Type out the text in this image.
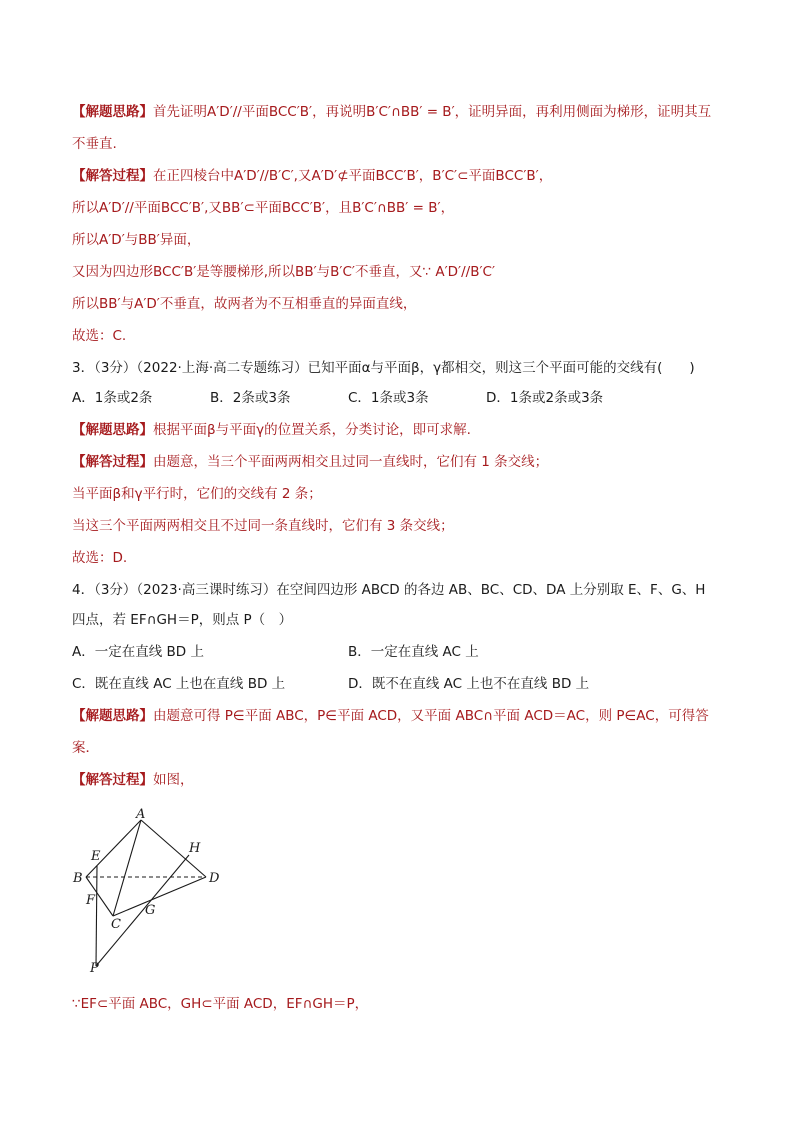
【解题思路】首先证明A′D′//平面BCC′B′，再说明B′C′∩BB′ = B′，证明异面，再利用侧面为梯形，证明其互
不垂直.
【解答过程】在正四棱台中A′D′//B′C′,又A′D′⊄平面BCC′B′，B′C′⊂平面BCC′B′，
所以A′D′//平面BCC′B′,又BB′⊂平面BCC′B′，且B′C′∩BB′ = B′，
所以A′D′与BB′异面，
又因为四边形BCC′B′是等腰梯形,所以BB′与B′C′不垂直，又∵ A′D′//B′C′
所以BB′与A′D′不垂直，故两者为不互相垂直的异面直线，
故选：C.
3．（3分）（2022·上海·高二专题练习）已知平面α与平面β，γ都相交，则这三个平面可能的交线有(　　)
A．1条或2条	B．2条或3条	C．1条或3条	D．1条或2条或3条
【解题思路】根据平面β与平面γ的位置关系，分类讨论，即可求解.
【解答过程】由题意，当三个平面两两相交且过同一直线时，它们有 1 条交线；
当平面β和γ平行时，它们的交线有 2 条；
当这三个平面两两相交且不过同一条直线时，它们有 3 条交线；
故选：D.
4．（3分）（2023·高三课时练习）在空间四边形 ABCD 的各边 AB、BC、CD、DA 上分别取 E、F、G、H
四点，若 EF∩GH＝P，则点 P（　）
A．一定在直线 BD 上	B．一定在直线 AC 上
C．既在直线 AC 上也在直线 BD 上	D．既不在直线 AC 上也不在直线 BD 上
【解题思路】由题意可得 P∈平面 ABC，P∈平面 ACD，又平面 ABC∩平面 ACD＝AC，则 P∈AC，可得答
案．
【解答过程】如图，
A
B
C
D
E
F
G
H
P
∵EF⊂平面 ABC，GH⊂平面 ACD，EF∩GH＝P，
